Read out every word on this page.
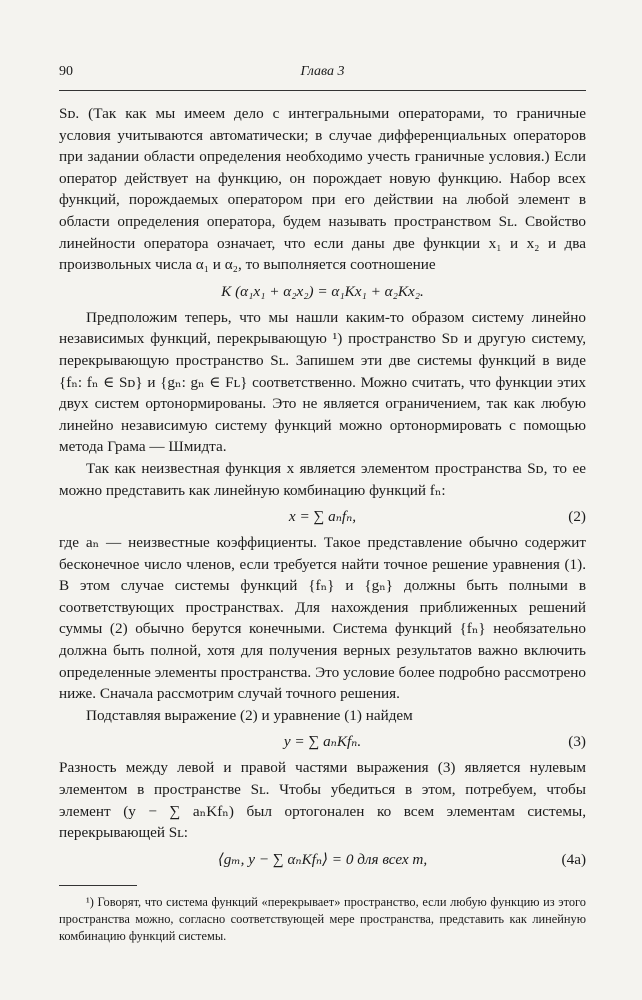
90	Глава 3

Sᴅ. (Так как мы имеем дело с интегральными операторами, то граничные условия учитываются автоматически; в случае дифференциальных операторов при задании области определения необходимо учесть граничные условия.) Если оператор действует на функцию, он порождает новую функцию. Набор всех функций, порождаемых оператором при его действии на любой элемент в области определения оператора, будем называть пространством Sʟ. Свойство линейности оператора означает, что если даны две функции x₁ и x₂ и два произвольных числа α₁ и α₂, то выполняется соотношение

K (α₁x₁ + α₂x₂) = α₁Kx₁ + α₂Kx₂.

Предположим теперь, что мы нашли каким-то образом систему линейно независимых функций, перекрывающую ¹) пространство Sᴅ и другую систему, перекрывающую пространство Sʟ. Запишем эти две системы функций в виде {fₙ: fₙ ∈ Sᴅ} и {gₙ: gₙ ∈ Fʟ} соответственно. Можно считать, что функции этих двух систем ортонормированы. Это не является ограничением, так как любую линейно независимую систему функций можно ортонормировать с помощью метода Грама — Шмидта.

Так как неизвестная функция x является элементом пространства Sᴅ, то ее можно представить как линейную комбинацию функций fₙ:

x = ∑ aₙfₙ,	(2)

где aₙ — неизвестные коэффициенты. Такое представление обычно содержит бесконечное число членов, если требуется найти точное решение уравнения (1). В этом случае системы функций {fₙ} и {gₙ} должны быть полными в соответствующих пространствах. Для нахождения приближенных решений суммы (2) обычно берутся конечными. Система функций {fₙ} необязательно должна быть полной, хотя для получения верных результатов важно включить определенные элементы пространства. Это условие более подробно рассмотрено ниже. Сначала рассмотрим случай точного решения.

Подставляя выражение (2) и уравнение (1) найдем

y = ∑ aₙKfₙ.	(3)

Разность между левой и правой частями выражения (3) является нулевым элементом в пространстве Sʟ. Чтобы убедиться в этом, потребуем, чтобы элемент (y − ∑ aₙKfₙ) был ортогонален ко всем элементам системы, перекрывающей Sʟ:

⟨gₘ, y − ∑ αₙKfₙ⟩ = 0 для всех m,	(4а)

¹) Говорят, что система функций «перекрывает» пространство, если любую функцию из этого пространства можно, согласно соответствующей мере пространства, представить как линейную комбинацию функций системы.
